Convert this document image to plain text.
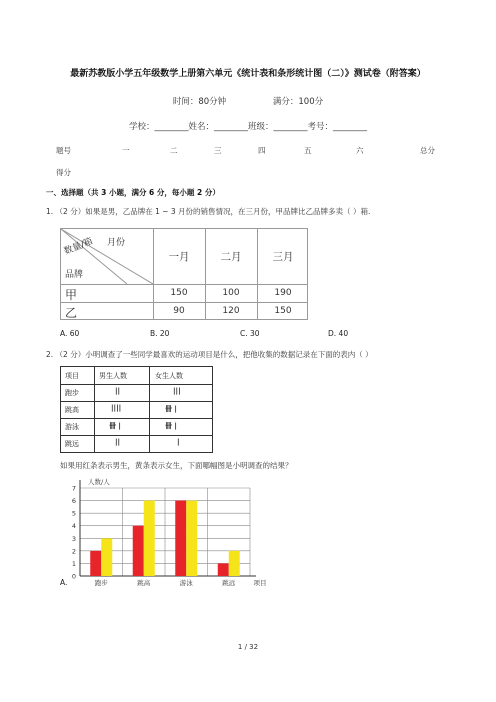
最新苏教版小学五年级数学上册第六单元《统计表和条形统计图（二）》测试卷（附答案）
时间：80分钟	满分：100分
学校：________姓名：________班级：________考号：________
题号	一	二	三	四	五	六	总分
得分
一、选择题（共 3 小题，满分 6 分，每小题 2 分）
1. （2 分）如果是男，乙品牌在 1 ~ 3 月份的销售情况，在三月份，甲品牌比乙品牌多卖（ ）箱.
月份
数量/箱
品牌
一月	二月	三月
甲	150	100	190
乙	90	120	150
A. 60	B. 20	C. 30	D. 40
2. （2 分）小明调查了一些同学最喜欢的运动项目是什么，把他收集的数据记录在下面的表内（ ）
项目	男生人数	女生人数
跑步	||	|||
跳高	||||	卌 |
游泳	卌 |	卌 |
跳远	||	|
如果用红条表示男生，黄条表示女生，下面哪幅图是小明调查的结果？
0
1
2
3
4
5
6
7
人数/人
跑步	跳高	游泳	跳远	项目
A.
1 / 32
